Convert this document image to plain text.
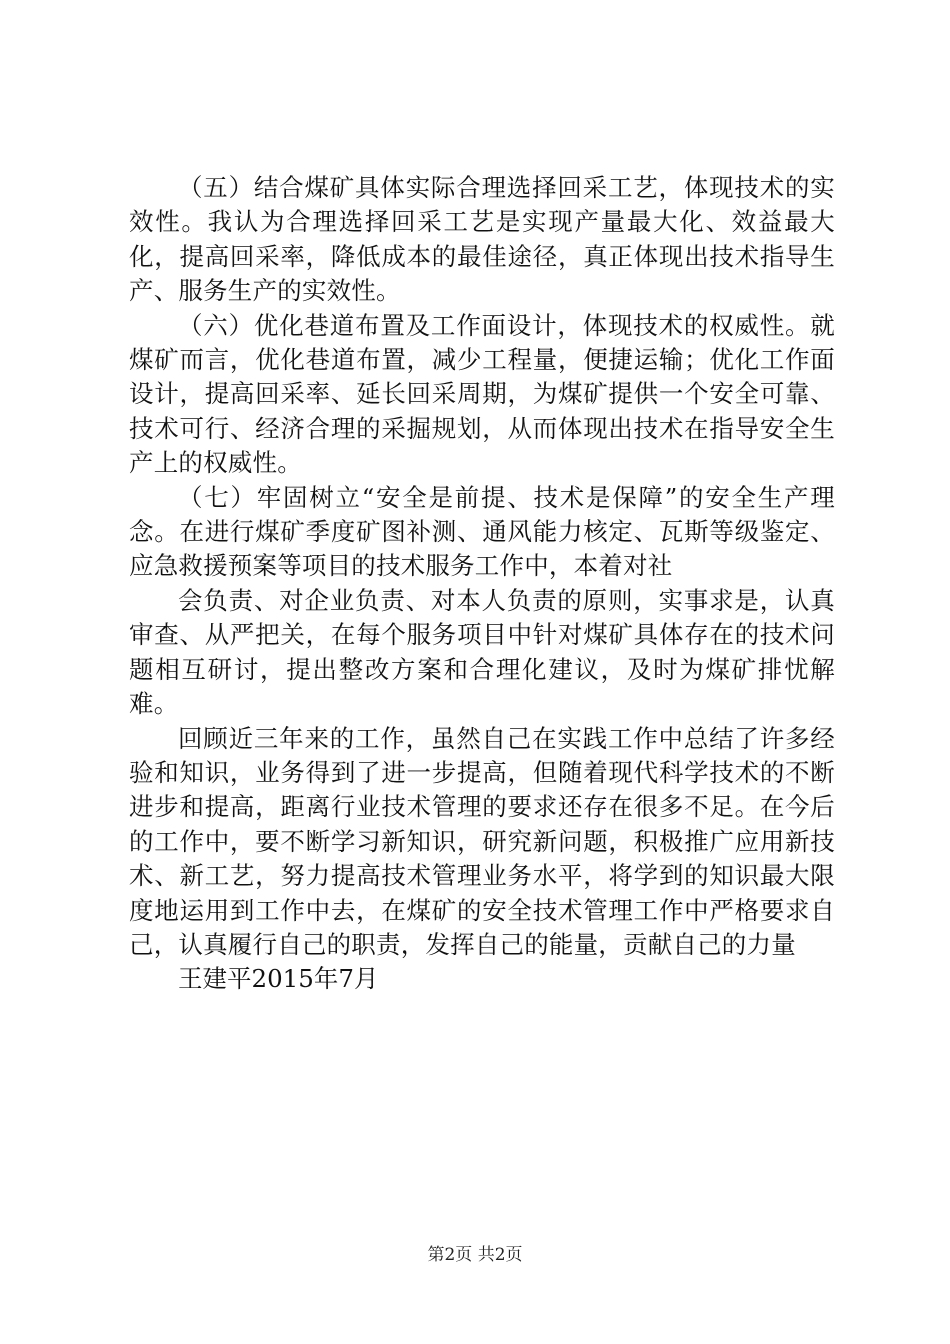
（五）结合煤矿具体实际合理选择回采工艺，体现技术的实效性。我认为合理选择回采工艺是实现产量最大化、效益最大化，提高回采率，降低成本的最佳途径，真正体现出技术指导生产、服务生产的实效性。

（六）优化巷道布置及工作面设计，体现技术的权威性。就煤矿而言，优化巷道布置，减少工程量，便捷运输；优化工作面设计，提高回采率、延长回采周期，为煤矿提供一个安全可靠、技术可行、经济合理的采掘规划，从而体现出技术在指导安全生产上的权威性。

（七）牢固树立“安全是前提、技术是保障”的安全生产理念。在进行煤矿季度矿图补测、通风能力核定、瓦斯等级鉴定、应急救援预案等项目的技术服务工作中，本着对社

会负责、对企业负责、对本人负责的原则，实事求是，认真审查、从严把关，在每个服务项目中针对煤矿具体存在的技术问题相互研讨，提出整改方案和合理化建议，及时为煤矿排忧解难。

回顾近三年来的工作，虽然自己在实践工作中总结了许多经验和知识，业务得到了进一步提高，但随着现代科学技术的不断进步和提高，距离行业技术管理的要求还存在很多不足。在今后的工作中，要不断学习新知识，研究新问题，积极推广应用新技术、新工艺，努力提高技术管理业务水平，将学到的知识最大限度地运用到工作中去，在煤矿的安全技术管理工作中严格要求自己，认真履行自己的职责，发挥自己的能量，贡献自己的力量

王建平2015年7月

第2页 共2页
